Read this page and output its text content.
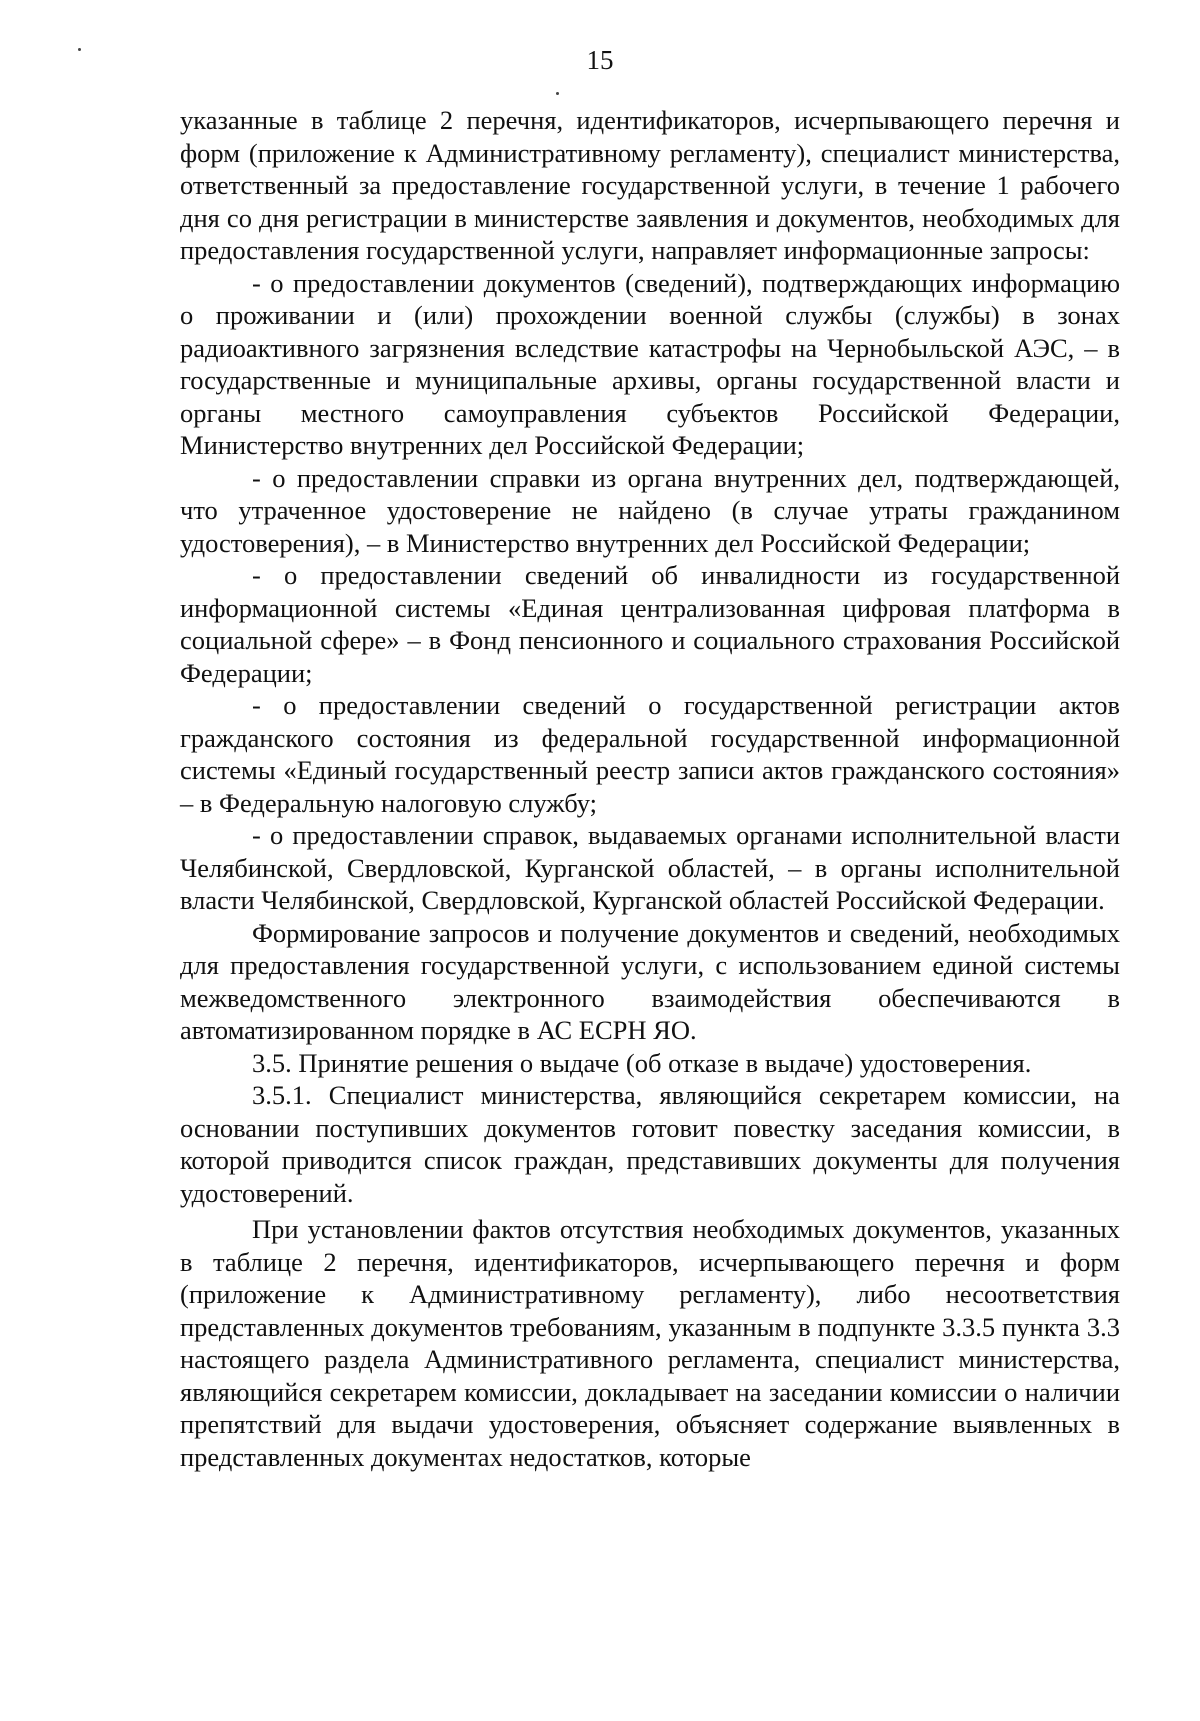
15

указанные в таблице 2 перечня, идентификаторов, исчерпывающего перечня и форм (приложение к Административному регламенту), специалист министерства, ответственный за предоставление государственной услуги, в течение 1 рабочего дня со дня регистрации в министерстве заявления и документов, необходимых для предоставления государственной услуги, направляет информационные запросы:

- о предоставлении документов (сведений), подтверждающих информацию о проживании и (или) прохождении военной службы (службы) в зонах радиоактивного загрязнения вследствие катастрофы на Чернобыльской АЭС, – в государственные и муниципальные архивы, органы государственной власти и органы местного самоуправления субъектов Российской Федерации, Министерство внутренних дел Российской Федерации;

- о предоставлении справки из органа внутренних дел, подтверждающей, что утраченное удостоверение не найдено (в случае утраты гражданином удостоверения), – в Министерство внутренних дел Российской Федерации;

- о предоставлении сведений об инвалидности из государственной информационной системы «Единая централизованная цифровая платформа в социальной сфере» – в Фонд пенсионного и социального страхования Российской Федерации;

- о предоставлении сведений о государственной регистрации актов гражданского состояния из федеральной государственной информационной системы «Единый государственный реестр записи актов гражданского состояния» – в Федеральную налоговую службу;

- о предоставлении справок, выдаваемых органами исполнительной власти Челябинской, Свердловской, Курганской областей, – в органы исполнительной власти Челябинской, Свердловской, Курганской областей Российской Федерации.

Формирование запросов и получение документов и сведений, необходимых для предоставления государственной услуги, с использованием единой системы межведомственного электронного взаимодействия обеспечиваются в автоматизированном порядке в АС ЕСРН ЯО.

3.5. Принятие решения о выдаче (об отказе в выдаче) удостоверения.

3.5.1. Специалист министерства, являющийся секретарем комиссии, на основании поступивших документов готовит повестку заседания комиссии, в которой приводится список граждан, представивших документы для получения удостоверений.

При установлении фактов отсутствия необходимых документов, указанных в таблице 2 перечня, идентификаторов, исчерпывающего перечня и форм (приложение к Административному регламенту), либо несоответствия представленных документов требованиям, указанным в подпункте 3.3.5 пункта 3.3 настоящего раздела Административного регламента, специалист министерства, являющийся секретарем комиссии, докладывает на заседании комиссии о наличии препятствий для выдачи удостоверения, объясняет содержание выявленных в представленных документах недостатков, которые
